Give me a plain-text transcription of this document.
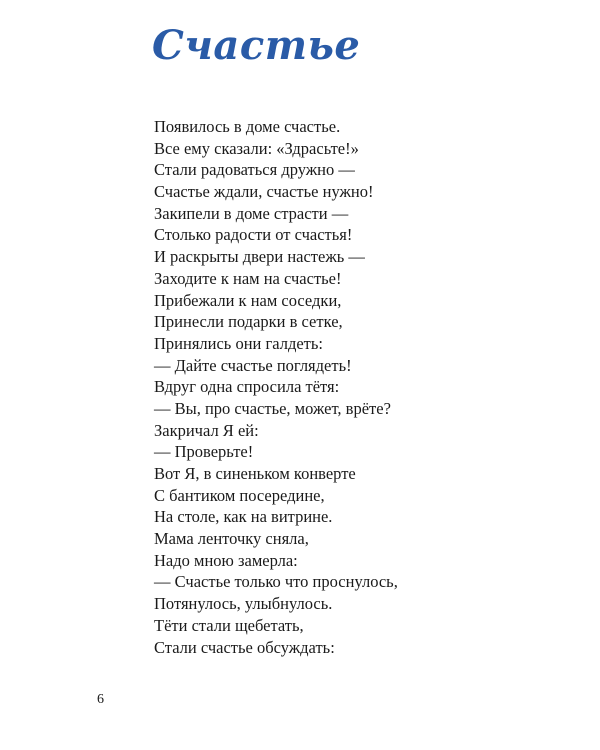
Счастье
Появилось в доме счастье.
Все ему сказали: «Здрасьте!»
Стали радоваться дружно —
Счастье ждали, счастье нужно!
Закипели в доме страсти —
Столько радости от счастья!
И раскрыты двери настежь —
Заходите к нам на счастье!
Прибежали к нам соседки,
Принесли подарки в сетке,
Принялись они галдеть:
— Дайте счастье поглядеть!
Вдруг одна спросила тётя:
— Вы, про счастье, может, врёте?
Закричал Я ей:
— Проверьте!
Вот Я, в синеньком конверте
С бантиком посередине,
На столе, как на витрине.
Мама ленточку сняла,
Надо мною замерла:
— Счастье только что проснулось,
Потянулось, улыбнулось.
Тёти стали щебетать,
Стали счастье обсуждать:
6
